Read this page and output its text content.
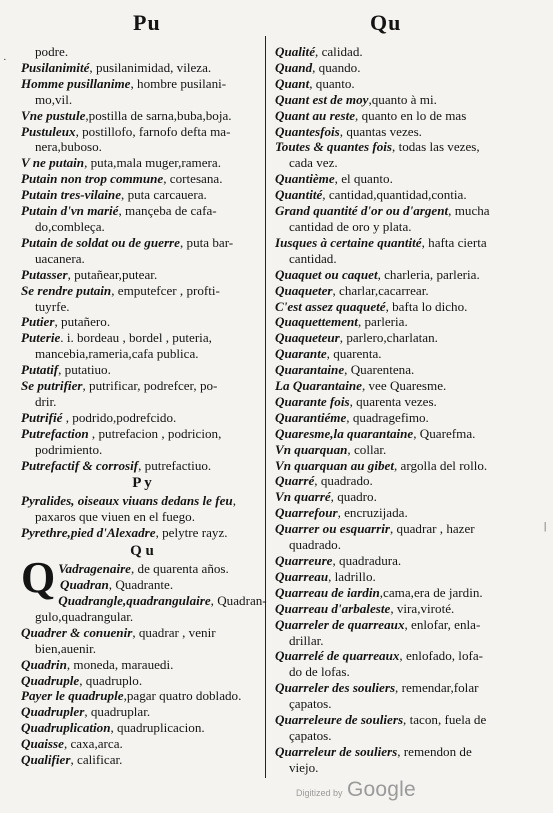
Pu	Qu
podre.
Pusilanimité, pusilanimidad, vileza.
Homme pusillanime, hombre pusilani-
mo,vil.
Vne pustule,postilla de sarna,buba,boja.
Pustuleux, postillofo, farnofo defta ma-
nera,buboso.
V ne putain, puta,mala muger,ramera.
Putain non trop commune, cortesana.
Putain tres-vilaine, puta carcauera.
Putain d'vn marié, mançeba de cafa-
do,combleça.
Putain de soldat ou de guerre, puta bar-
uacanera.
Putasser, putañear,putear.
Se rendre putain, emputefcer , profti-
tuyrfe.
Putier, putañero.
Puterie. i. bordeau , bordel , puteria,
mancebia,rameria,cafa publica.
Putatif, putatiuo.
Se putrifier, putrificar, podrefcer, po-
drir.
Putrifié , podrido,podrefcido.
Putrefaction , putrefacion , podricion,
podrimiento.
Putrefactif & corrosif, putrefactiuo.
P y
Pyralides, oiseaux viuans dedans le feu,
paxaros que viuen en el fuego.
Pyrethre,pied d'Alexadre, pelytre rayz.
Q u
Q Vadragenaire, de quarenta años.
Quadran, Quadrante.
Quadrangle,quadrangulaire, Quadran-
gulo,quadrangular.
Quadrer & conuenir, quadrar , venir
bien,auenir.
Quadrin, moneda, marauedi.
Quadruple, quadruplo.
Payer le quadruple,pagar quatro doblado.
Quadrupler, quadruplar.
Quadruplication, quadruplicacion.
Quaisse, caxa,arca.
Qualifier, calificar.
Qualité, calidad.
Quand, quando.
Quant, quanto.
Quant est de moy,quanto à mi.
Quant au reste, quanto en lo de mas
Quantesfois, quantas vezes.
Toutes & quantes fois, todas las vezes,
cada vez.
Quantième, el quanto.
Quantité, cantidad,quantidad,contia.
Grand quantité d'or ou d'argent, mucha
cantidad de oro y plata.
Iusques à certaine quantité, hafta cierta
cantidad.
Quaquet ou caquet, charleria, parleria.
Quaqueter, charlar,cacarrear.
C'est assez quaqueté, bafta lo dicho.
Quaquettement, parleria.
Quaqueteur, parlero,charlatan.
Quarante, quarenta.
Quarantaine, Quarentena.
La Quarantaine, vee Quaresme.
Quarante fois, quarenta vezes.
Quarantiéme, quadragefimo.
Quaresme,la quarantaine, Quarefma.
Vn quarquan, collar.
Vn quarquan au gibet, argolla del rollo.
Quarré, quadrado.
Vn quarré, quadro.
Quarrefour, encruzijada.
Quarrer ou esquarrir, quadrar , hazer
quadrado.
Quarreure, quadradura.
Quarreau, ladrillo.
Quarreau de iardin,cama,era de jardin.
Quarreau d'arbaleste, vira,viroté.
Quarreler de quarreaux, enlofar, enla-
drillar.
Quarrelé de quarreaux, enlofado, lofa-
do de lofas.
Quarreler des souliers, remendar,folar
çapatos.
Quarreleure de souliers, tacon, fuela de
çapatos.
Quarreleur de souliers, remendon de
viejo.
·
|
Digitized by Google
